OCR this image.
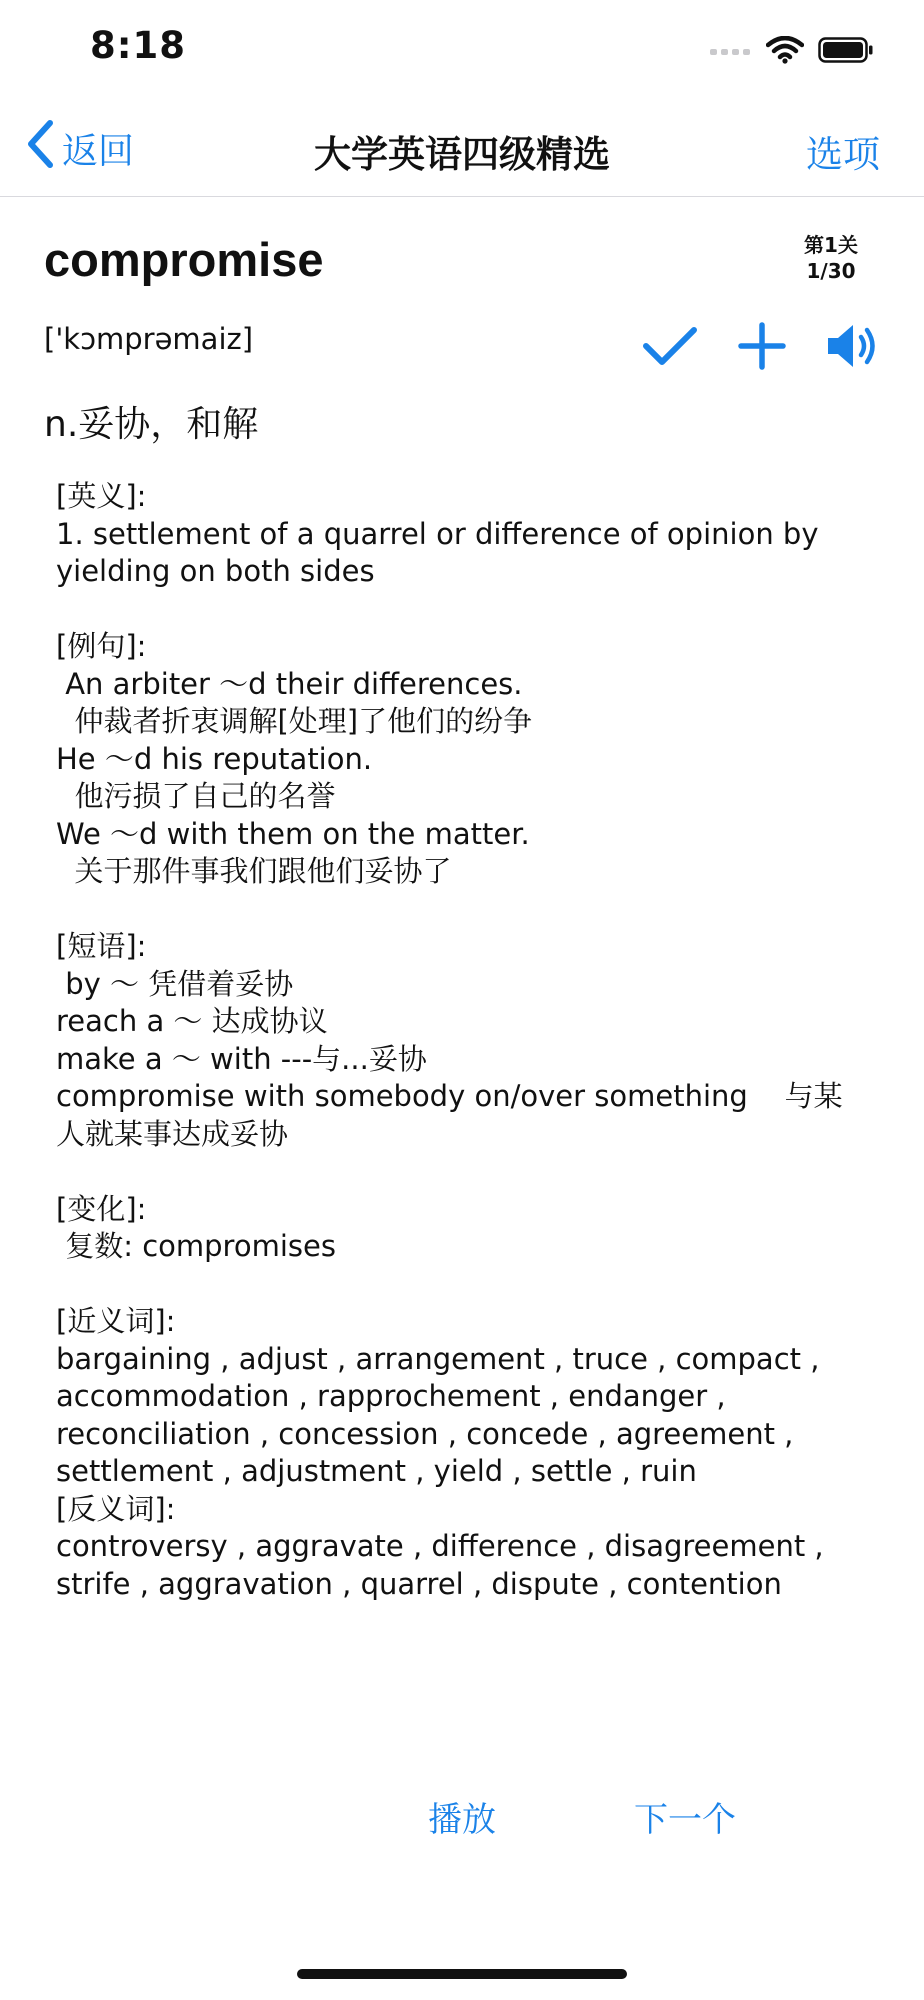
8:18
返回	大学英语四级精选	选项
compromise	第1关
1/30
['kɔmprəmaiz]
n.妥协，和解
[英义]:
1. settlement of a quarrel or difference of opinion by
yielding on both sides

[例句]:
An arbiter ～d their differences.
仲裁者折衷调解[处理]了他们的纷争
He ～d his reputation.
他污损了自己的名誉
We ～d with them on the matter.
关于那件事我们跟他们妥协了

[短语]:
by ～ 凭借着妥协
reach a ～ 达成协议
make a ～ with ---与...妥协
compromise with somebody on/over something    与某
人就某事达成妥协

[变化]:
复数: compromises

[近义词]:
bargaining , adjust , arrangement , truce , compact ,
accommodation , rapprochement , endanger ,
reconciliation , concession , concede , agreement ,
settlement , adjustment , yield , settle , ruin
[反义词]:
controversy , aggravate , difference , disagreement ,
strife , aggravation , quarrel , dispute , contention
播放	下一个
